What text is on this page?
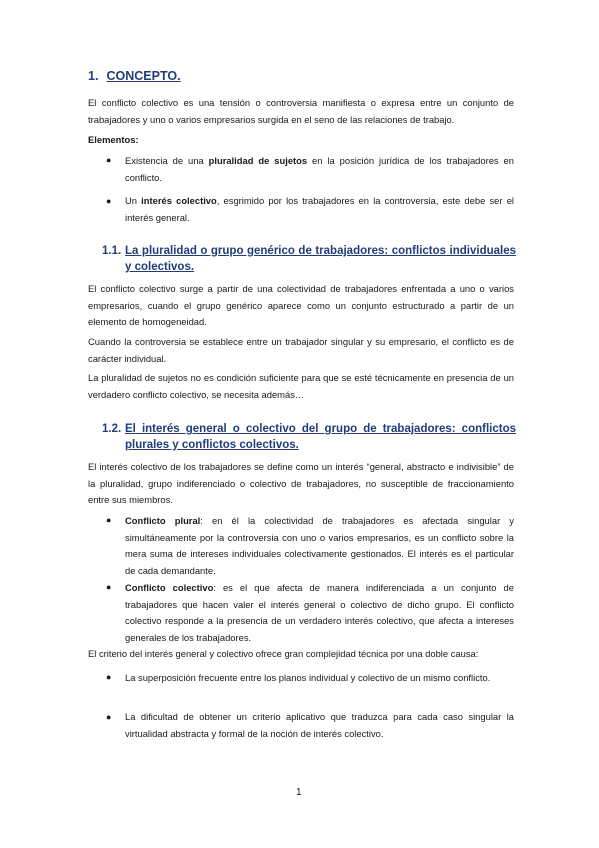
1. CONCEPTO.
El conflicto colectivo es una tensión o controversia manifiesta o expresa entre un conjunto de trabajadores y uno o varios empresarios surgida en el seno de las relaciones de trabajo.
Elementos:
● Existencia de una pluralidad de sujetos en la posición jurídica de los trabajadores en conflicto.
● Un interés colectivo, esgrimido por los trabajadores en la controversia, este debe ser el interés general.
1.1. La pluralidad o grupo genérico de trabajadores: conflictos individuales y colectivos.
El conflicto colectivo surge a partir de una colectividad de trabajadores enfrentada a uno o varios empresarios, cuando el grupo genérico aparece como un conjunto estructurado a partir de un elemento de homogeneidad.
Cuando la controversia se establece entre un trabajador singular y su empresario, el conflicto es de carácter individual.
La pluralidad de sujetos no es condición suficiente para que se esté técnicamente en presencia de un verdadero conflicto colectivo, se necesita además…
1.2. El interés general o colectivo del grupo de trabajadores: conflictos plurales y conflictos colectivos.
El interés colectivo de los trabajadores se define como un interés “general, abstracto e indivisible” de la pluralidad, grupo indiferenciado o colectivo de trabajadores, no susceptible de fraccionamiento entre sus miembros.
● Conflicto plural: en él la colectividad de trabajadores es afectada singular y simultáneamente por la controversia con uno o varios empresarios, es un conflicto sobre la mera suma de intereses individuales colectivamente gestionados. El interés es el particular de cada demandante.
● Conflicto colectivo: es el que afecta de manera indiferenciada a un conjunto de trabajadores que hacen valer el interés general o colectivo de dicho grupo. El conflicto colectivo responde a la presencia de un verdadero interés colectivo, que afecta a intereses generales de los trabajadores.
El criterio del interés general y colectivo ofrece gran complejidad técnica por una doble causa:
● La superposición frecuente entre los planos individual y colectivo de un mismo conflicto.
● La dificultad de obtener un criterio aplicativo que traduzca para cada caso singular la virtualidad abstracta y formal de la noción de interés colectivo.
1
